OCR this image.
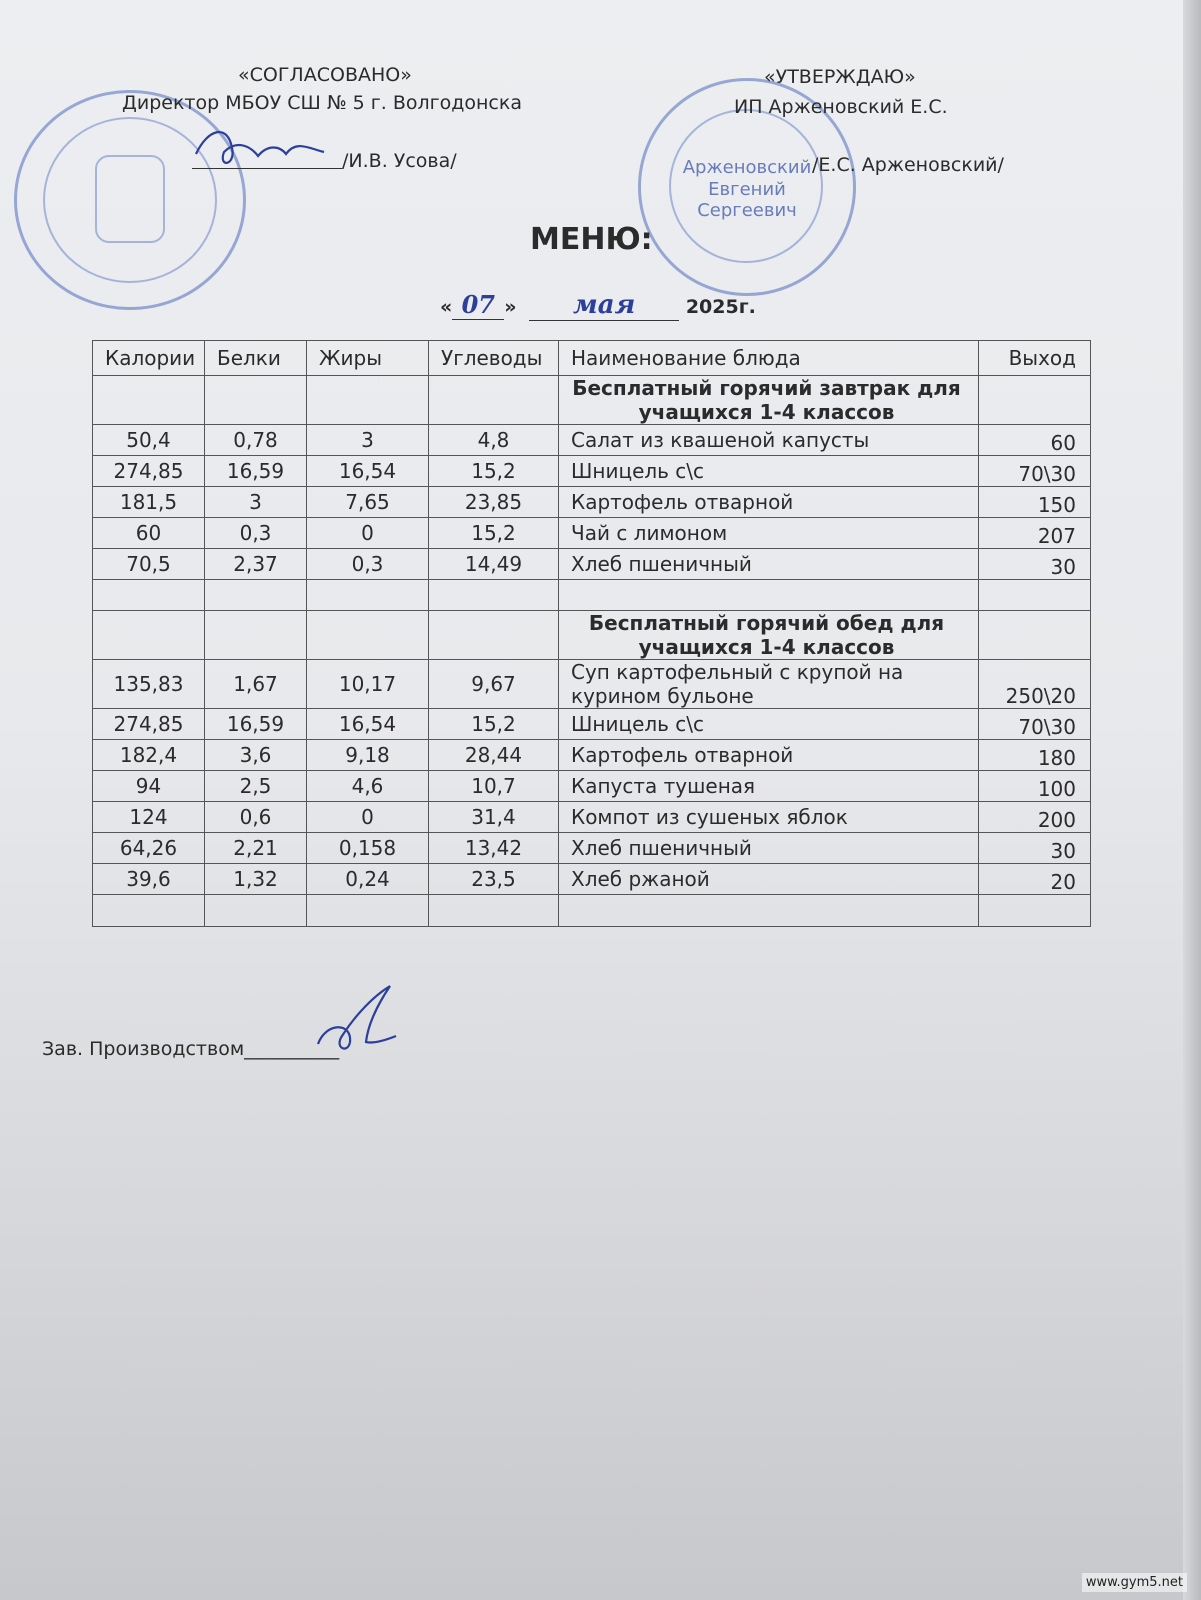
Арженовский
Евгений
Сергеевич
«СОГЛАСОВАНО»
Директор МБОУ СШ № 5 г. Волгодонска
/И.В. Усова/
«УТВЕРЖДАЮ»
ИП Арженовский Е.С.
/Е.С. Арженовский/
МЕНЮ:
« 07 » мая	2025г.
Калории	Белки	Жиры	Углеводы	Наименование блюда	Выход
				Бесплатный горячий завтрак для учащихся 1-4 классов	
50,4	0,78	3	4,8	Салат из квашеной капусты	60
274,85	16,59	16,54	15,2	Шницель с\с	70\30
181,5	3	7,65	23,85	Картофель отварной	150
60	0,3	0	15,2	Чай с лимоном	207
70,5	2,37	0,3	14,49	Хлеб пшеничный	30

				Бесплатный горячий обед для учащихся 1-4 классов	
135,83	1,67	10,17	9,67	Суп картофельный с крупой на курином бульоне	250\20
274,85	16,59	16,54	15,2	Шницель с\с	70\30
182,4	3,6	9,18	28,44	Картофель отварной	180
94	2,5	4,6	10,7	Капуста тушеная	100
124	0,6	0	31,4	Компот из сушеных яблок	200
64,26	2,21	0,158	13,42	Хлеб пшеничный	30
39,6	1,32	0,24	23,5	Хлеб ржаной	20

Зав. Производством__________
www.gym5.net
